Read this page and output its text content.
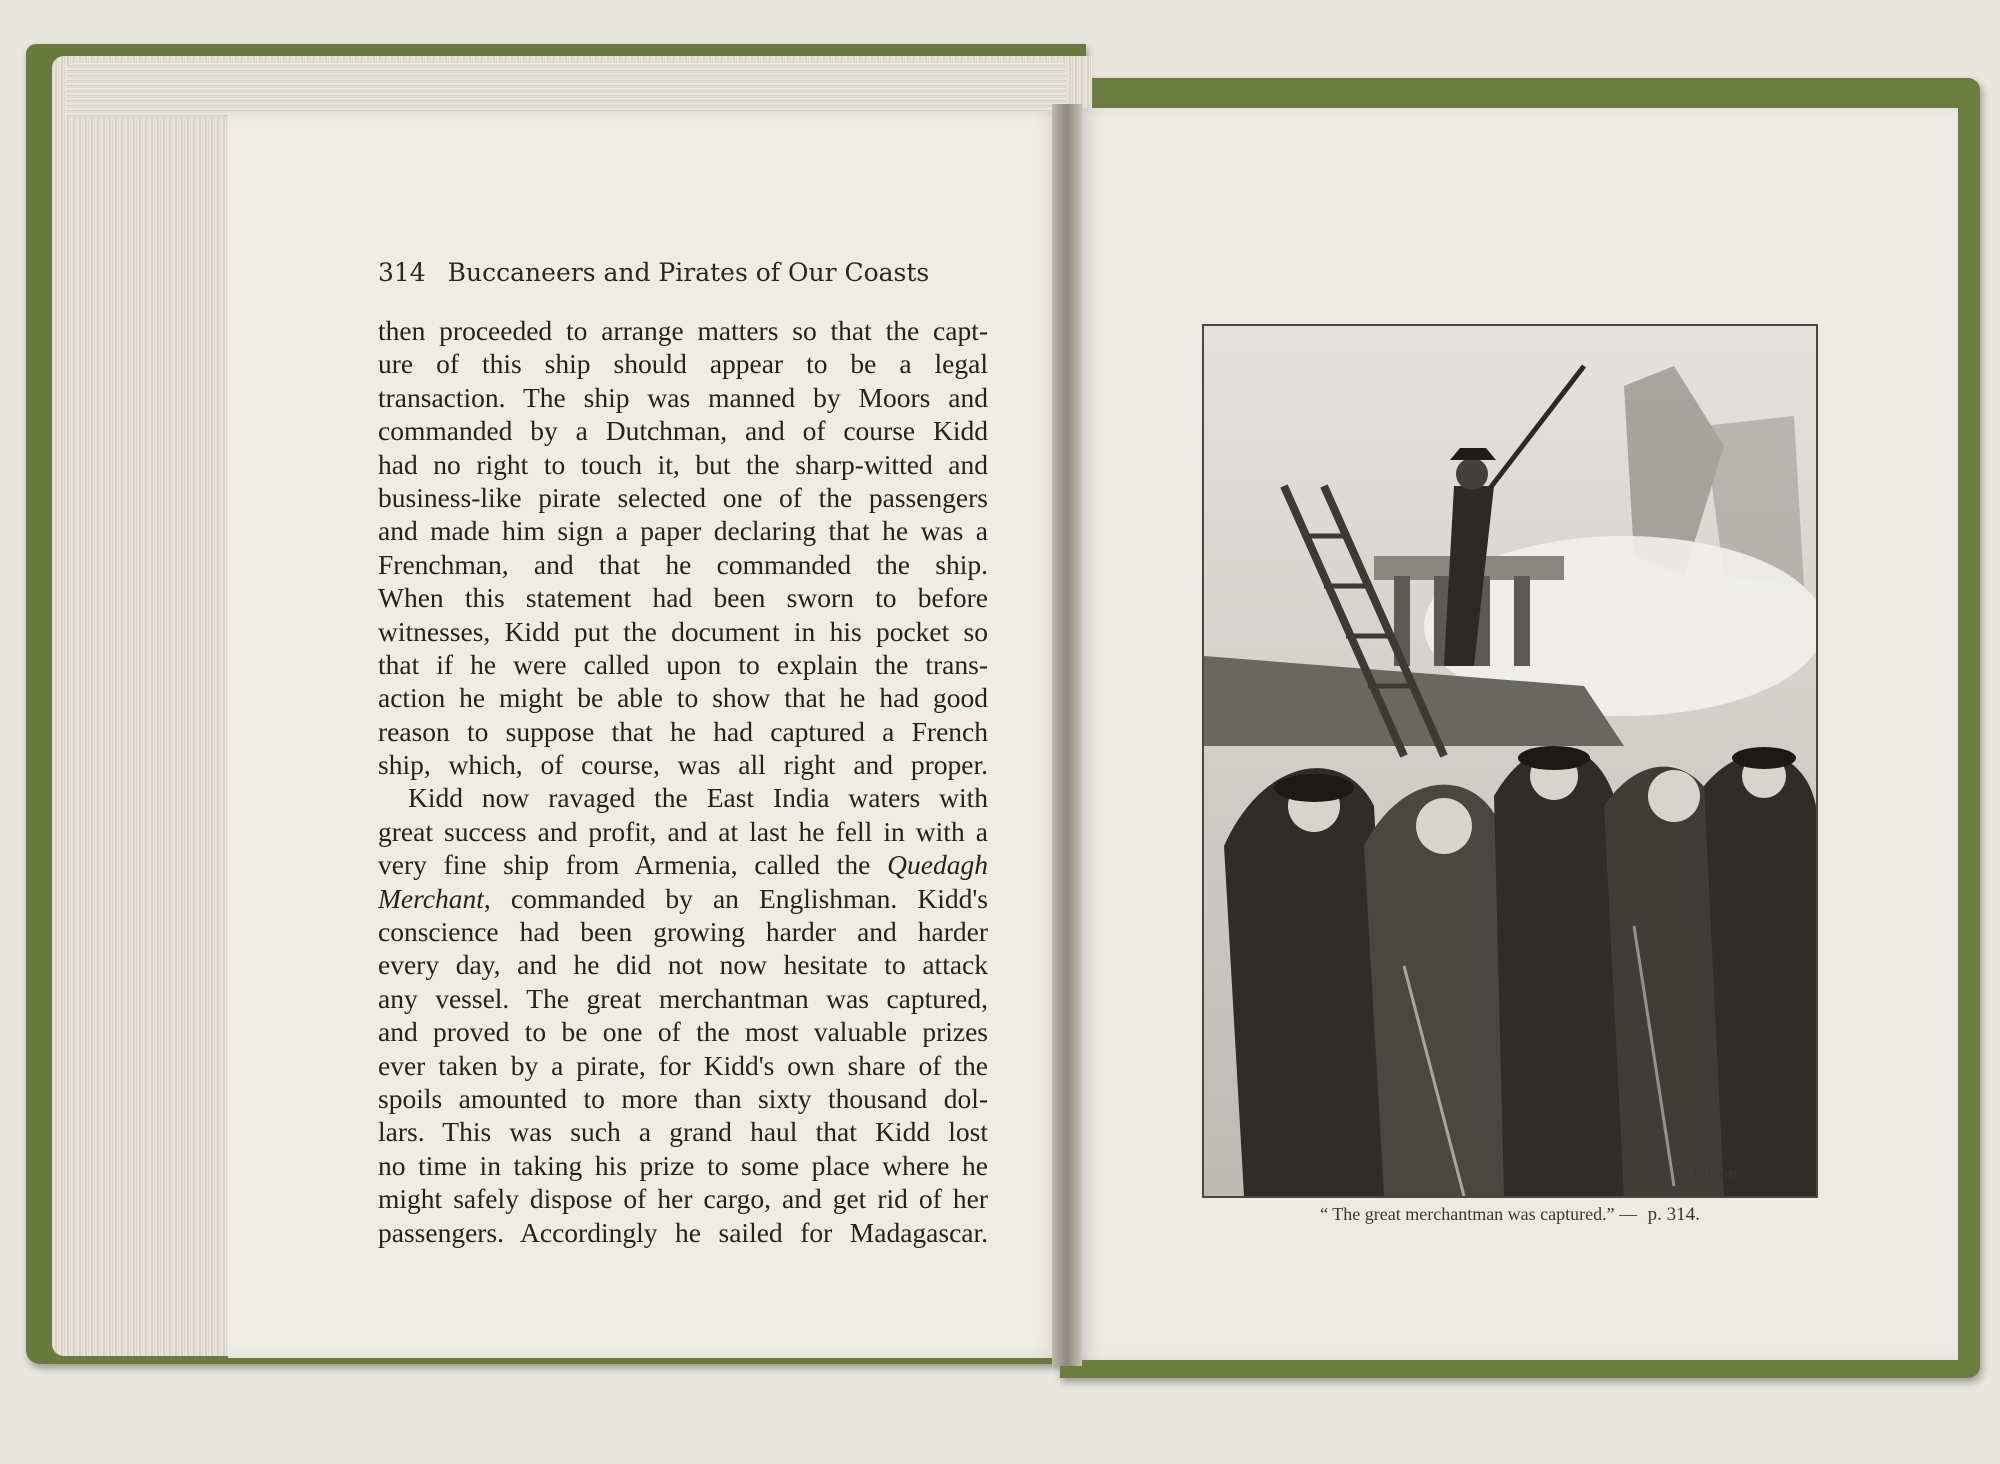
314 Buccaneers and Pirates of Our Coasts
then proceeded to arrange matters so that the capt-
ure of this ship should appear to be a legal
transaction. The ship was manned by Moors and
commanded by a Dutchman, and of course Kidd
had no right to touch it, but the sharp-witted and
business-like pirate selected one of the passengers
and made him sign a paper declaring that he was a
Frenchman, and that he commanded the ship.
When this statement had been sworn to before
witnesses, Kidd put the document in his pocket so
that if he were called upon to explain the trans-
action he might be able to show that he had good
reason to suppose that he had captured a French
ship, which, of course, was all right and proper.
Kidd now ravaged the East India waters with
great success and profit, and at last he fell in with a
very fine ship from Armenia, called the Quedagh
Merchant, commanded by an Englishman. Kidd's
conscience had been growing harder and harder
every day, and he did not now hesitate to attack
any vessel. The great merchantman was captured,
and proved to be one of the most valuable prizes
ever taken by a pirate, for Kidd's own share of the
spoils amounted to more than sixty thousand dol-
lars. This was such a grand haul that Kidd lost
no time in taking his prize to some place where he
might safely dispose of her cargo, and get rid of her
passengers. Accordingly he sailed for Madagascar.
Viman
“ The great merchantman was captured.” — p. 314.
